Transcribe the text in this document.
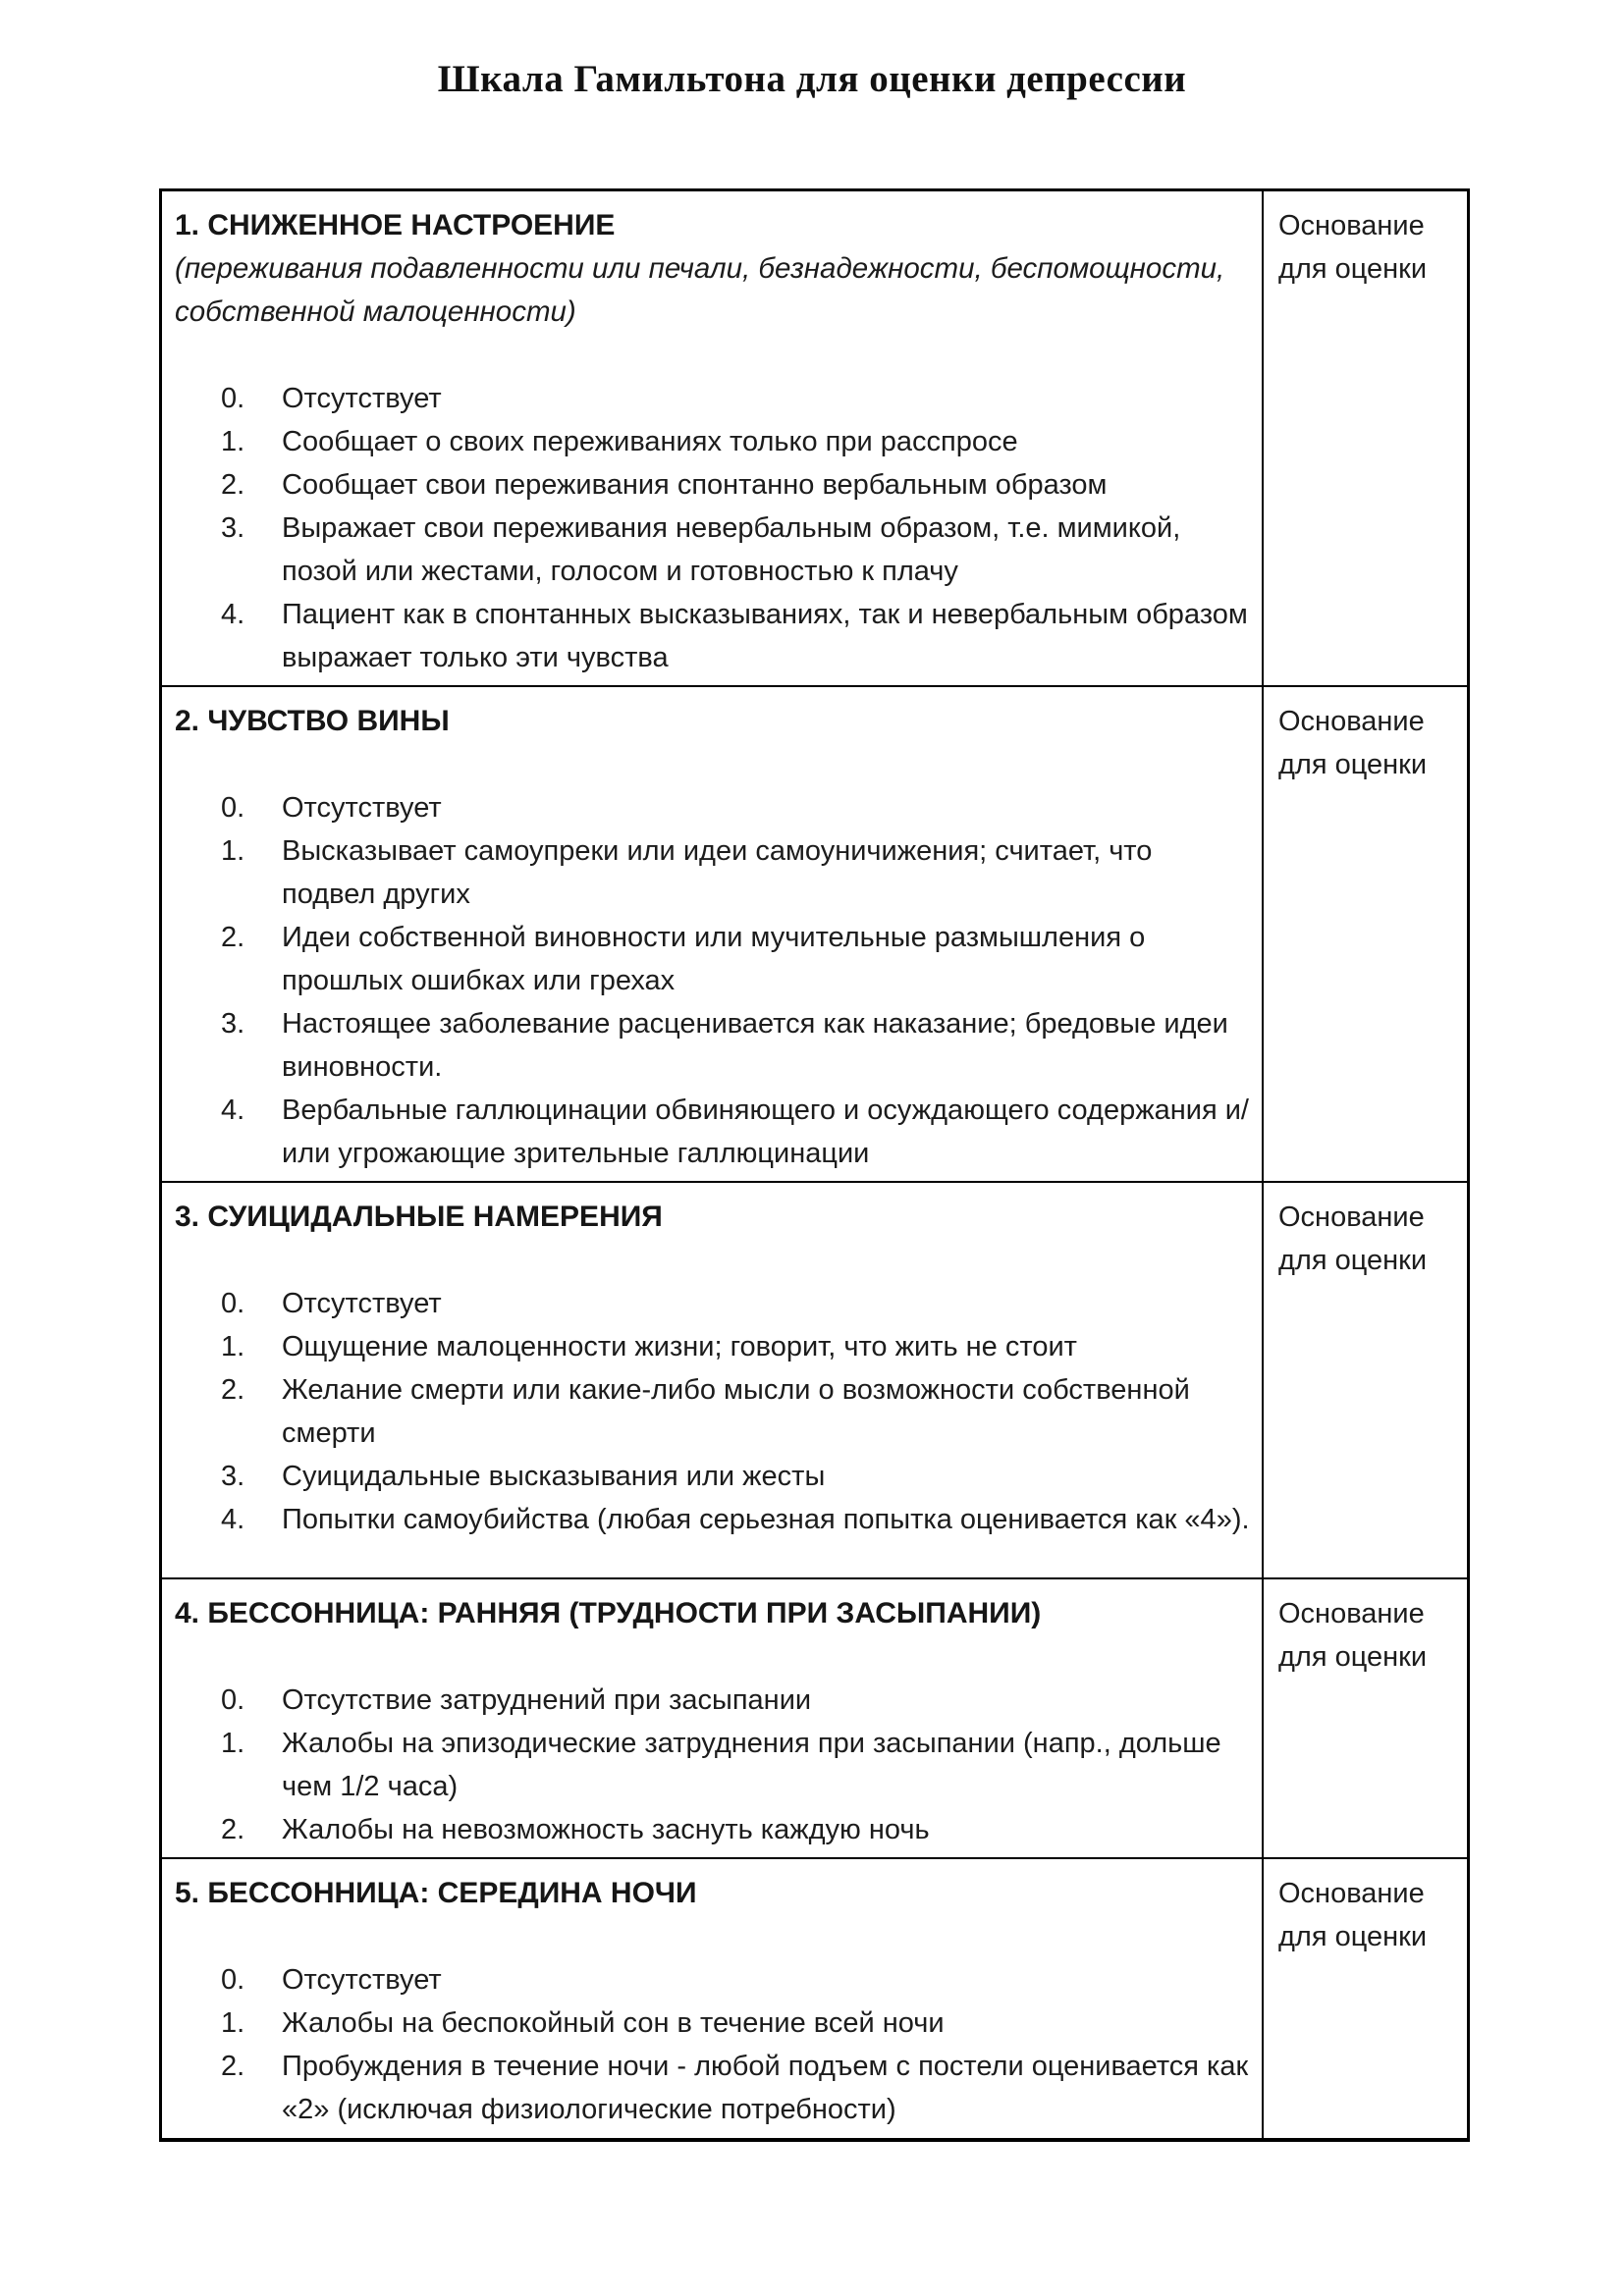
Шкала Гамильтона для оценки депрессии
1. СНИЖЕННОЕ НАСТРОЕНИЕ
(переживания подавленности или печали, безнадежности, беспомощности, собственной малоценности)
0.	Отсутствует
1.	Сообщает о своих переживаниях только при расспросе
2.	Сообщает свои переживания спонтанно вербальным образом
3.	Выражает свои переживания невербальным образом, т.е. мимикой, позой или жестами, голосом и готовностью к плачу
4.	Пациент как в спонтанных высказываниях, так и невербальным образом выражает только эти чувства
Основание для оценки
2. ЧУВСТВО ВИНЫ
0.	Отсутствует
1.	Высказывает самоупреки или идеи самоуничижения; считает, что подвел других
2.	Идеи собственной виновности или мучительные размышления о прошлых ошибках или грехах
3.	Настоящее заболевание расценивается как наказание; бредовые идеи виновности.
4.	Вербальные галлюцинации обвиняющего и осуждающего содержания и/или угрожающие зрительные галлюцинации
Основание для оценки
3. СУИЦИДАЛЬНЫЕ НАМЕРЕНИЯ
0.	Отсутствует
1.	Ощущение малоценности жизни; говорит, что жить не стоит
2.	Желание смерти или какие-либо мысли о возможности собственной смерти
3.	Суицидальные высказывания или жесты
4.	Попытки самоубийства (любая серьезная попытка оценивается как «4»).
Основание для оценки
4. БЕССОННИЦА: РАННЯЯ (ТРУДНОСТИ ПРИ ЗАСЫПАНИИ)
0.	Отсутствие затруднений при засыпании
1.	Жалобы на эпизодические затруднения при засыпании (напр., дольше чем 1/2 часа)
2.	Жалобы на невозможность заснуть каждую ночь
Основание для оценки
5. БЕССОННИЦА: СЕРЕДИНА НОЧИ
0.	Отсутствует
1.	Жалобы на беспокойный сон в течение всей ночи
2.	Пробуждения в течение ночи - любой подъем с постели оценивается как «2» (исключая физиологические потребности)
Основание для оценки
